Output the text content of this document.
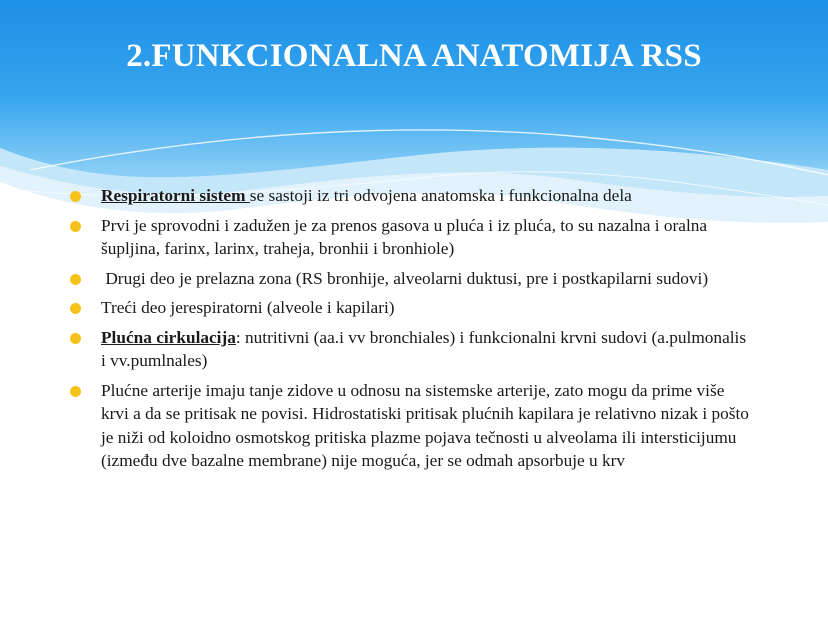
2.FUNKCIONALNA ANATOMIJA RSS
Respiratorni sistem se sastoji iz tri odvojena anatomska i funkcionalna dela
Prvi je sprovodni i zadužen je za prenos gasova u pluća i iz pluća, to su nazalna i oralna šupljina, farinx, larinx, traheja, bronhii i bronhiole)
Drugi deo je prelazna zona (RS bronhije, alveolarni duktusi, pre i postkapilarni sudovi)
Treći deo jerespiratorni (alveole i kapilari)
Plućna cirkulacija: nutritivni (aa.i vv bronchiales) i funkcionalni krvni sudovi (a.pulmonalis i vv.pumlnales)
Plućne arterije imaju tanje zidove u odnosu na sistemske arterije, zato mogu da prime više krvi a da se pritisak ne povisi. Hidrostatiski pritisak plućnih kapilara je relativno nizak i pošto je niži od koloidno osmotskog pritiska plazme pojava tečnosti u alveolama ili intersticijumu (između dve bazalne membrane) nije moguća, jer se odmah apsorbuje u krv
